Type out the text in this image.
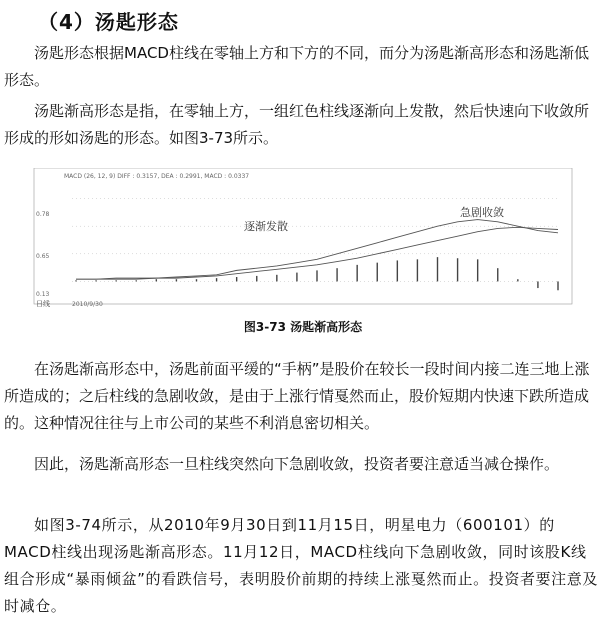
（4）汤匙形态

汤匙形态根据MACD柱线在零轴上方和下方的不同，而分为汤匙渐高形态和汤匙渐低形态。

汤匙渐高形态是指，在零轴上方，一组红色柱线逐渐向上发散，然后快速向下收敛所形成的形如汤匙的形态。如图3-73所示。

MACD (26, 12, 9) DIFF : 0.3157, DEA : 0.2991, MACD : 0.0337
0.78
0.65
0.13
日线	2010/9/30
逐渐发散
急剧收敛
图3-73 汤匙渐高形态

在汤匙渐高形态中，汤匙前面平缓的“手柄”是股价在较长一段时间内接二连三地上涨所造成的；之后柱线的急剧收敛，是由于上涨行情戛然而止，股价短期内快速下跌所造成的。这种情况往往与上市公司的某些不利消息密切相关。

因此，汤匙渐高形态一旦柱线突然向下急剧收敛，投资者要注意适当减仓操作。

如图3-74所示，从2010年9月30日到11月15日，明星电力（600101）的MACD柱线出现汤匙渐高形态。11月12日，MACD柱线向下急剧收敛，同时该股K线组合形成“暴雨倾盆”的看跌信号，表明股价前期的持续上涨戛然而止。投资者要注意及时减仓。
